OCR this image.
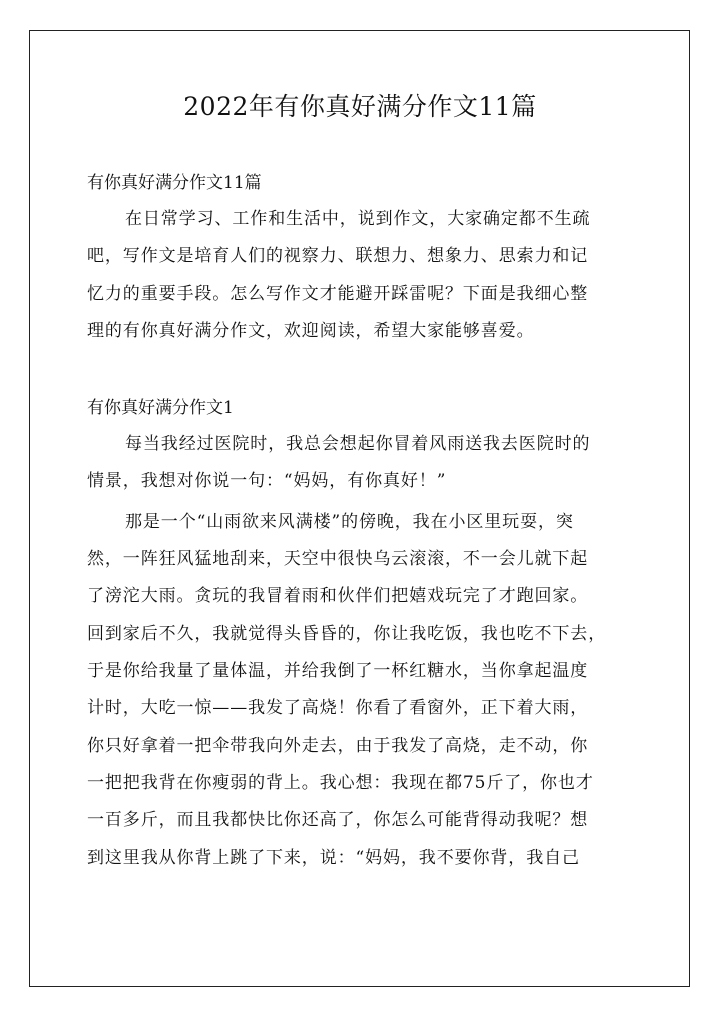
2022年有你真好满分作文11篇
有你真好满分作文11篇
在日常学习、工作和生活中，说到作文，大家确定都不生疏
吧，写作文是培育人们的视察力、联想力、想象力、思索力和记
忆力的重要手段。怎么写作文才能避开踩雷呢？下面是我细心整
理的有你真好满分作文，欢迎阅读，希望大家能够喜爱。
有你真好满分作文1
每当我经过医院时，我总会想起你冒着风雨送我去医院时的
情景，我想对你说一句：“妈妈，有你真好！”
那是一个“山雨欲来风满楼”的傍晚，我在小区里玩耍，突
然，一阵狂风猛地刮来，天空中很快乌云滚滚，不一会儿就下起
了滂沱大雨。贪玩的我冒着雨和伙伴们把嬉戏玩完了才跑回家。
回到家后不久，我就觉得头昏昏的，你让我吃饭，我也吃不下去，
于是你给我量了量体温，并给我倒了一杯红糖水，当你拿起温度
计时，大吃一惊——我发了高烧！你看了看窗外，正下着大雨，
你只好拿着一把伞带我向外走去，由于我发了高烧，走不动，你
一把把我背在你瘦弱的背上。我心想：我现在都75斤了，你也才
一百多斤，而且我都快比你还高了，你怎么可能背得动我呢？想
到这里我从你背上跳了下来，说：“妈妈，我不要你背，我自己
